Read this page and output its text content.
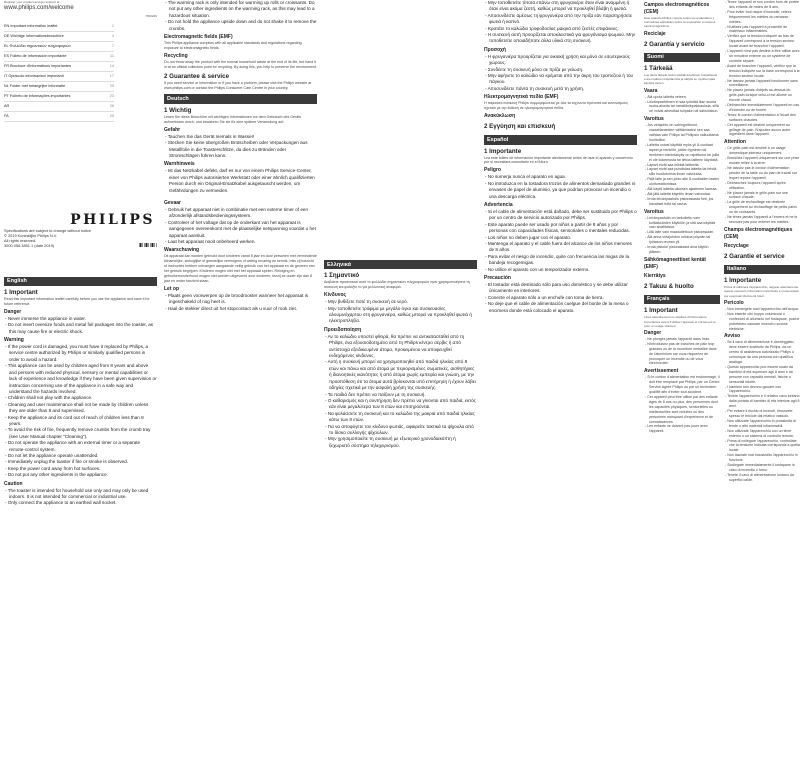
Register your product and get support at
www.philips.com/welcome
HD9246
EN Important information leaflet	1
DE Wichtige Informationsbroschüre	4
EL Φυλλάδιο σημαντικών πληροφοριών	7
ES Folleto de información importante	11
FR Brochure d'informations importantes	14
IT Opuscolo informazioni importanti	17
NL Folder met belangrijke informatie	20
PT Folheto de informações importantes	23
AR	26
FA	29
PHILIPS
Specifications are subject to change without notice
© 2019 Koninklijke Philips N.V.
All rights reserved.
3000.056.3851.1 (date 2019)
English
1 Important
Read this important information leaflet carefully before you use the appliance and save it for future reference.
Danger
- Never immerse the appliance in water.
- Do not insert oversize foods and metal foil packages into the toaster, as this may cause fire or electric shock.
Warning
- If the power cord is damaged, you must have it replaced by Philips, a service centre authorized by Philips or similarly qualified persons in order to avoid a hazard.
- This appliance can be used by children aged from 8 years and above and persons with reduced physical, sensory or mental capabilities or lack of experience and knowledge if they have been given supervision or instruction concerning use of the appliance in a safe way and understand the hazards involved.
- Children shall not play with the appliance.
- Cleaning and user maintenance shall not be made by children unless they are older than 8 and supervised.
- Keep the appliance and its cord out of reach of children less than 8 years.
- To avoid the risk of fire, frequently remove crumbs from the crumb tray (see User Manual chapter "Cleaning").
- Do not operate the appliance with an external timer or a separate remote-control system.
- Do not let the appliance operate unattended.
- Immediately unplug the toaster if fire or smoke is observed.
- Keep the power cord away from hot surfaces.
- Do not put any other ingredients in the appliance.
Caution
- The toaster is intended for household use only and may only be used indoors. It is not intended for commercial or industrial use.
- Only connect the appliance to an earthed wall socket.
- The warming rack is only intended for warming up rolls or croissants. Do not put any other ingredients on the warming rack, as this may lead to a hazardous situation.
- Do not hold the appliance upside down and do not shake it to remove the crumbs.
Electromagnetic fields (EMF)
This Philips appliance complies with all applicable standards and regulations regarding exposure to electromagnetic fields.
Recycling
Do not throw away the product with the normal household waste at the end of its life, but hand it in at an official collection point for recycling. By doing this, you help to preserve the environment.
2 Guarantee & service
If you need service or information or if you have a problem, please visit the Philips website at www.philips.com or contact the Philips Consumer Care Centre in your country.
Deutsch
1 Wichtig
Lesen Sie diese Broschüre mit wichtigen Informationen vor dem Gebrauch des Geräts aufmerksam durch, und bewahren Sie sie für eine spätere Verwendung auf.
Gefahr
- Tauchen Sie das Gerät niemals in Wasser!
- Stecken Sie keine übergroßen Brotscheiben oder Verpackungen aus Metallfolie in die Toasterschlitze, da dies zu Bränden oder Stromschlägen führen kann.
Warnhinweis
- Ist das Netzkabel defekt, darf es nur von einem Philips Service-Center, einer von Philips autorisierten Werkstatt oder einer ähnlich qualifizierten Person durch ein Original-Ersatzkabel ausgetauscht werden, um Gefährdungen zu vermeiden.
Gevaar
- Gebruik het apparaat niet in combinatie met een externe timer of een afzonderlijk afstandsbedieningssysteem.
- Controleer of het voltage dat op de onderkant van het apparaat is aangegeven overeenkomt met de plaatselijke netspanning voordat u het apparaat aansluit.
- Laat het apparaat nooit onbeheerd werken.
Waarschuwing
Dit apparaat kan worden gebruikt door kinderen vanaf 8 jaar en door personen met verminderde lichamelijke, zintuiglijke of geestelijke vermogens of weinig ervaring en kennis, mits zij toezicht of instructies hebben ontvangen aangaande veilig gebruik van het apparaat en de gevaren van het gebruik begrijpen. Kinderen mogen niet met het apparaat spelen. Reiniging en gebruikersonderhoud mogen niet worden uitgevoerd door kinderen, tenzij ze ouder zijn dan 8 jaar en onder toezicht staan.
Let op
- Plaats geen voorwerpen op de broodrooster wanneer het apparaat is ingeschakeld of nog heet is.
- Haal de stekker direct uit het stopcontact als u vuur of rook ziet.
Ελληνικά
1 Σημαντικό
Διαβάστε προσεκτικά αυτό το φυλλάδιο σημαντικών πληροφοριών πριν χρησιμοποιήσετε τη συσκευή και φυλάξτε το για μελλοντική αναφορά.
Κίνδυνος
- Μην βυθίζετε ποτέ τη συσκευή σε νερό.
- Μην τοποθετείτε τρόφιμα με μεγάλο όγκο και συσκευασίες αλουμινόχαρτου στη φρυγανιέρα, καθώς μπορεί να προκληθεί φωτιά ή ηλεκτροπληξία.
Προειδοποίηση
- Αν το καλώδιο υποστεί φθορά, θα πρέπει να αντικατασταθεί από τη Philips, ένα εξουσιοδοτημένο από τη Philips κέντρο σέρβις ή από αντίστοιχα εξειδικευμένα άτομα, προκειμένου να αποφευχθεί ενδεχόμενος κίνδυνος.
- Αυτή η συσκευή μπορεί να χρησιμοποιηθεί από παιδιά ηλικίας από 8 ετών και πάνω και από άτομα με περιορισμένες σωματικές, αισθητήριες ή διανοητικές ικανότητες ή από άτομα χωρίς εμπειρία και γνώση, με την προϋπόθεση ότι τα άτομα αυτά βρίσκονται υπό επιτήρηση ή έχουν λάβει οδηγίες σχετικά με την ασφαλή χρήση της συσκευής.
- Τα παιδιά δεν πρέπει να παίζουν με τη συσκευή.
- Ο καθαρισμός και η συντήρηση δεν πρέπει να γίνονται από παιδιά, εκτός εάν είναι μεγαλύτερα των 8 ετών και επιτηρούνται.
- Να φυλάσσετε τη συσκευή και το καλώδιο της μακριά από παιδιά ηλικίας κάτω των 8 ετών.
- Για να αποφύγετε τον κίνδυνο φωτιάς, αφαιρείτε τακτικά τα ψίχουλα από το δίσκο συλλογής ψίχουλων.
- Μην χρησιμοποιείτε τη συσκευή με εξωτερικό χρονοδιακόπτη ή ξεχωριστό σύστημα τηλεχειρισμού.
- Μην τοποθετείτε τίποτα επάνω στη φρυγανιέρα όταν είναι αναμμένη ή όταν είναι ακόμα ζεστή, καθώς μπορεί να προκληθεί βλάβη ή φωτιά.
- Αποσυνδέστε αμέσως τη φρυγανιέρα από την πρίζα εάν παρατηρήσετε φωτιά ή καπνό.
- Κρατάτε το καλώδιο τροφοδοσίας μακριά από ζεστές επιφάνειες.
- Η συσκευή αυτή προορίζεται αποκλειστικά για φρυγάνισμα ψωμιού. Μην τοποθετείτε οποιαδήποτε άλλα υλικά στη συσκευή.
Προσοχή
- Η φρυγανιέρα προορίζεται για οικιακή χρήση και μόνο σε εσωτερικούς χώρους.
- Συνδέετε τη συσκευή μόνο σε πρίζα με γείωση.
- Μην αφήνετε το καλώδιο να κρέμεται από την άκρη του τραπεζιού ή του πάγκου.
- Αποσυνδέετε πάντα τη συσκευή μετά τη χρήση.
Ηλεκτρομαγνητικά πεδία (EMF)
Η παρούσα συσκευή Philips συμμορφώνεται με όλα τα ισχύοντα πρότυπα και κανονισμούς σχετικά με την έκθεση σε ηλεκτρομαγνητικά πεδία.
Ανακύκλωση
2 Εγγύηση και επισκευή
Español
1 Importante
Lea este folleto de información importante atentamente antes de usar el aparato y consérvelo por si necesitara consultarlo en el futuro.
Peligro
- No sumerja nunca el aparato en agua.
- No introduzca en la tostadora trozos de alimentos demasiado grandes ni envases de papel de aluminio, ya que podrían provocar un incendio o una descarga eléctrica.
Advertencia
- Si el cable de alimentación está dañado, debe ser sustituido por Philips o por un centro de servicio autorizado por Philips.
- Este aparato puede ser usado por niños a partir de 8 años y por personas con capacidades físicas, sensoriales o mentales reducidas.
- Los niños no deben jugar con el aparato.
- Mantenga el aparato y el cable fuera del alcance de los niños menores de 8 años.
- Para evitar el riesgo de incendio, quite con frecuencia las migas de la bandeja recogemigas.
- No utilice el aparato con un temporizador externo.
Precaución
- El tostador está destinado sólo para uso doméstico y se debe utilizar únicamente en interiores.
- Conecte el aparato sólo a un enchufe con toma de tierra.
- No deje que el cable de alimentación cuelgue del borde de la mesa o encimera donde está colocado el aparato.
Campos electromagnéticos (CEM)
Este aparato Philips cumple todos los estándares y normativas aplicables sobre la exposición a campos electromagnéticos.
Reciclaje
2 Garantía y servicio
Suomi
1 Tärkeää
Lue tämä tärkeät tiedot sisältävä lehtinen huolellisesti ennen laitteen käyttämistä ja säilytä se myöhempää käyttöä varten.
Vaara
- Älä upota laitetta veteen.
- Leivänpaahtimen ei saa työntää liian suuria ruoka-aineita tai metallifoliopakkauksia, sillä ne voivat aiheuttaa tulipalon tai sähköiskun.
Varoitus
- Jos virtajohto on vahingoittunut, vaaratilanteiden välttämiseksi sen saa vaihtaa vain Philips tai Philipsin valtuuttama huoltoliike.
- Laitetta voivat käyttää myös yli 8-vuotiaat lapset ja henkilöt, joiden fyysinen tai henkinen toimintakyky on rajoittunut tai joilla ei ole kokemusta tai tietoa laitteen käytöstä.
- Lapset eivät saa leikkiä laitteella.
- Lapset eivät saa puhdistaa laitetta tai tehdä sille huoltotoimia ilman valvontaa.
- Pidä laite ja sen johto alle 8-vuotiaiden lasten ulottumattomissa.
- Älä käytä laitetta ulkoisen ajastimen kanssa.
- Älä jätä laitetta käyntiin ilman valvontaa.
- Irrota leivänpaahdin pistorasiasta heti, jos havaitset tulta tai savua.
Varoitus
- Leivänpaahdin on tarkoitettu vain kotitalouksien käyttöön ja sitä saa käyttää vain sisätiloissa.
- Liitä laite vain maadoitettuun pistorasiaan.
- Älä anna virtajohdon roikkua pöydän tai työtason reunan yli.
- Irrota pistoke pistorasiasta aina käytön jälkeen.
Sähkömagneettiset kentät (EMF)
Kierrätys
2 Takuu & huolto
Français
1 Important
Lisez attentivement ce dépliant d'informations importantes avant d'utiliser l'appareil et conservez-le pour un usage ultérieur.
Danger
- Ne plongez jamais l'appareil dans l'eau.
- N'introduisez pas de tranches de pain trop grandes ou de la nourriture emballée dans de l'aluminium car vous risqueriez de provoquer un incendie ou de vous électrocuter.
Avertissement
- Si le cordon d'alimentation est endommagé, il doit être remplacé par Philips, par un Centre Service Agréé Philips ou par un technicien qualifié afin d'éviter tout accident.
- Cet appareil peut être utilisé par des enfants âgés de 8 ans ou plus, des personnes dont les capacités physiques, sensorielles ou intellectuelles sont réduites ou des personnes manquant d'expérience et de connaissances.
- Les enfants ne doivent pas jouer avec l'appareil.
- Tenez l'appareil et son cordon hors de portée des enfants de moins de 8 ans.
- Pour éviter tout risque d'incendie, retirez fréquemment les miettes du ramasse-miettes.
- N'utilisez pas l'appareil à proximité de matériaux inflammables.
- Vérifiez que la tension indiquée au bas de l'appareil correspond à la tension secteur locale avant de brancher l'appareil.
- L'appareil n'est pas destiné à être utilisé avec un minuteur externe ou un système de contrôle séparé.
- Avant de brancher l'appareil, vérifiez que la tension indiquée sur la base correspond à la tension secteur locale.
- Ne laissez jamais l'appareil fonctionner sans surveillance.
- Ne placez jamais d'objets au-dessus du grille-pain lorsque celui-ci est allumé ou encore chaud.
- Débranchez immédiatement l'appareil en cas d'incendie ou de fumée.
- Tenez le cordon d'alimentation à l'écart des surfaces chaudes.
- Cet appareil est destiné uniquement au grillage de pain. N'ajoutez aucun autre ingrédient dans l'appareil.
Attention
- Ce grille-pain est destiné à un usage domestique intérieur uniquement.
- Branchez l'appareil uniquement sur une prise murale reliée à la terre.
- Ne laissez pas le cordon d'alimentation pendre de la table ou du plan de travail sur lequel repose l'appareil.
- Débranchez toujours l'appareil après utilisation.
- Ne placez jamais le grille-pain sur une surface chaude.
- La grille de réchauffage est destinée uniquement au réchauffage de petits pains ou de croissants.
- Ne tenez jamais l'appareil à l'envers et ne le secouez pas pour enlever les miettes.
Champs électromagnétiques (CEM)
Recyclage
2 Garantie et service
Italiano
1 Importante
Prima di utilizzare l'apparecchio, leggete attentamente questo opuscolo informativo importante e conservatelo per eventuali riferimenti futuri.
Pericolo
- Non immergete mai l'apparecchio nell'acqua.
- Non inserite cibi troppo voluminosi o confezioni di alluminio nel tostapane, poiché potrebbero causare incendi o scosse elettriche.
Avviso
- Se il cavo di alimentazione è danneggiato, deve essere sostituito da Philips, da un centro di assistenza autorizzato Philips o comunque da una persona con qualifica analoga.
- Questo apparecchio può essere usato da bambini di età superiore agli 8 anni e da persone con capacità mentali, fisiche o sensoriali ridotte.
- I bambini non devono giocare con l'apparecchio.
- Tenete l'apparecchio e il relativo cavo lontano dalla portata di bambini di età inferiore agli 8 anni.
- Per evitare il rischio di incendi, rimuovete spesso le briciole dal relativo vassoio.
- Non utilizzate l'apparecchio in prossimità di tende o altri materiali infiammabili.
- Non utilizzate l'apparecchio con un timer esterno o un sistema di controllo remoto.
- Prima di collegare l'apparecchio, controllate che la tensione indicata corrisponda a quella locale.
- Non lasciate mai incustodito l'apparecchio in funzione.
- Scollegate immediatamente il tostapane in caso di incendio o fumo.
- Tenete il cavo di alimentazione lontano da superfici calde.
